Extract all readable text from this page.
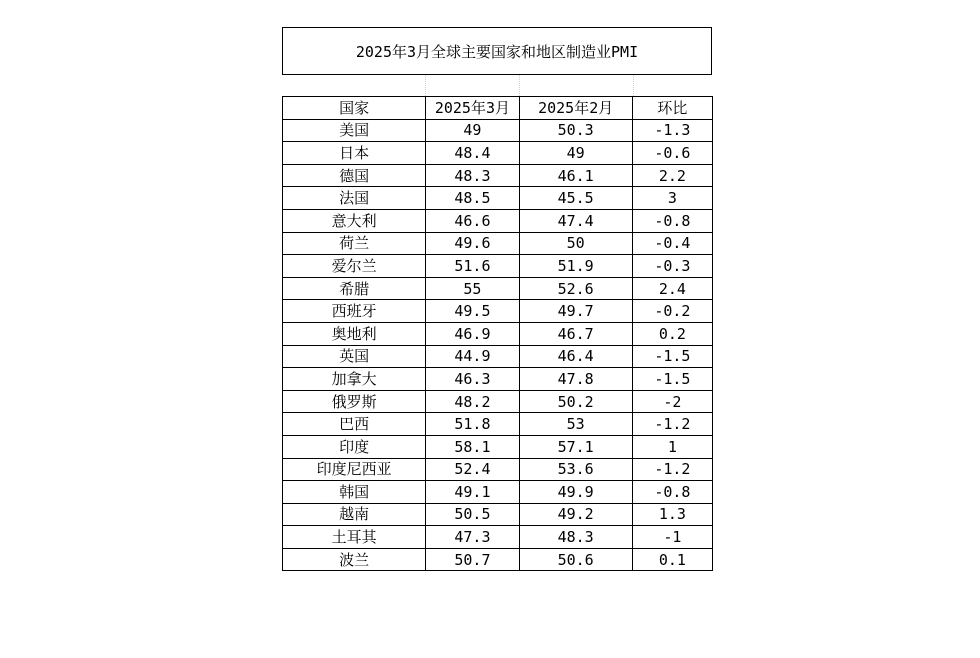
2025年3月全球主要国家和地区制造业PMI
国家	2025年3月	2025年2月	环比
美国	49	50.3	-1.3
日本	48.4	49	-0.6
德国	48.3	46.1	2.2
法国	48.5	45.5	3
意大利	46.6	47.4	-0.8
荷兰	49.6	50	-0.4
爱尔兰	51.6	51.9	-0.3
希腊	55	52.6	2.4
西班牙	49.5	49.7	-0.2
奥地利	46.9	46.7	0.2
英国	44.9	46.4	-1.5
加拿大	46.3	47.8	-1.5
俄罗斯	48.2	50.2	-2
巴西	51.8	53	-1.2
印度	58.1	57.1	1
印度尼西亚	52.4	53.6	-1.2
韩国	49.1	49.9	-0.8
越南	50.5	49.2	1.3
土耳其	47.3	48.3	-1
波兰	50.7	50.6	0.1
